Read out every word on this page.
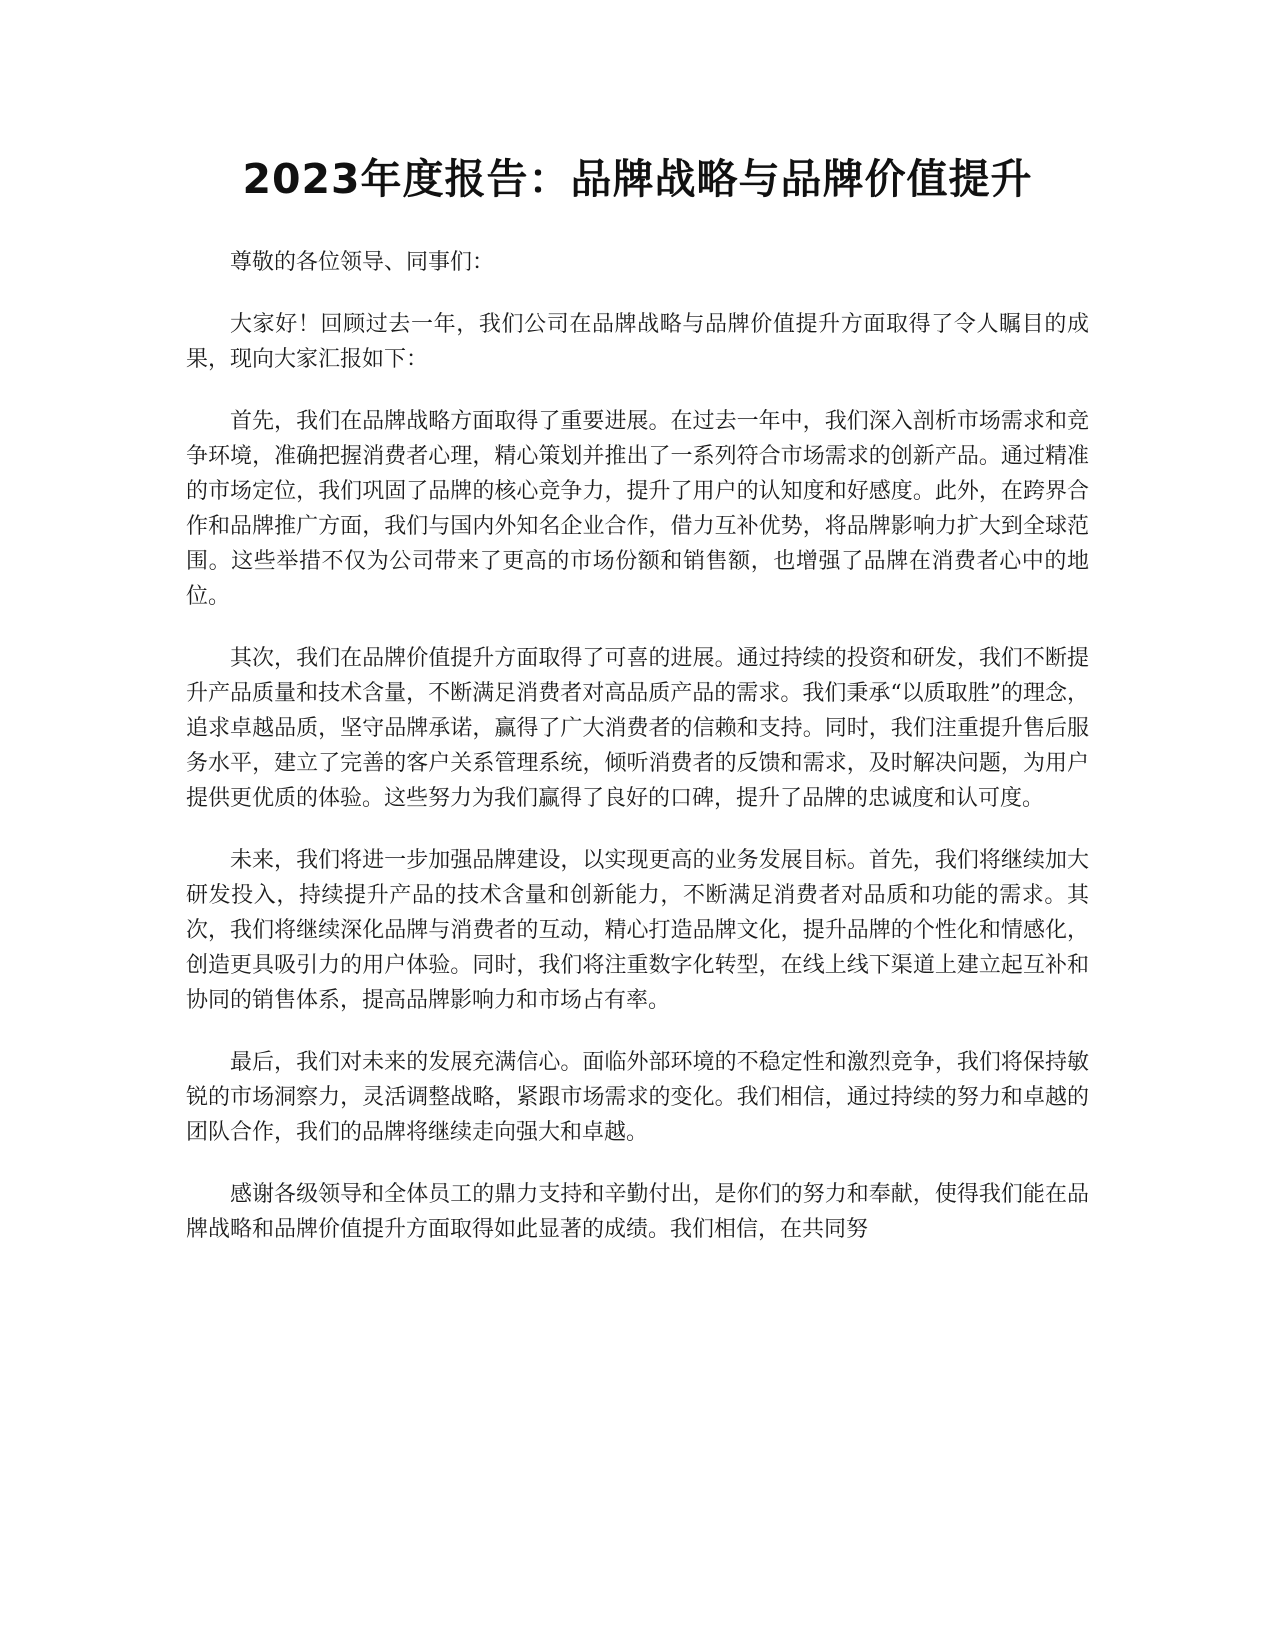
2023年度报告：品牌战略与品牌价值提升

尊敬的各位领导、同事们：

大家好！回顾过去一年，我们公司在品牌战略与品牌价值提升方面取得了令人瞩目的成果，现向大家汇报如下：

首先，我们在品牌战略方面取得了重要进展。在过去一年中，我们深入剖析市场需求和竞争环境，准确把握消费者心理，精心策划并推出了一系列符合市场需求的创新产品。通过精准的市场定位，我们巩固了品牌的核心竞争力，提升了用户的认知度和好感度。此外，在跨界合作和品牌推广方面，我们与国内外知名企业合作，借力互补优势，将品牌影响力扩大到全球范围。这些举措不仅为公司带来了更高的市场份额和销售额，也增强了品牌在消费者心中的地位。

其次，我们在品牌价值提升方面取得了可喜的进展。通过持续的投资和研发，我们不断提升产品质量和技术含量，不断满足消费者对高品质产品的需求。我们秉承“以质取胜”的理念，追求卓越品质，坚守品牌承诺，赢得了广大消费者的信赖和支持。同时，我们注重提升售后服务水平，建立了完善的客户关系管理系统，倾听消费者的反馈和需求，及时解决问题，为用户提供更优质的体验。这些努力为我们赢得了良好的口碑，提升了品牌的忠诚度和认可度。

未来，我们将进一步加强品牌建设，以实现更高的业务发展目标。首先，我们将继续加大研发投入，持续提升产品的技术含量和创新能力，不断满足消费者对品质和功能的需求。其次，我们将继续深化品牌与消费者的互动，精心打造品牌文化，提升品牌的个性化和情感化，创造更具吸引力的用户体验。同时，我们将注重数字化转型，在线上线下渠道上建立起互补和协同的销售体系，提高品牌影响力和市场占有率。

最后，我们对未来的发展充满信心。面临外部环境的不稳定性和激烈竞争，我们将保持敏锐的市场洞察力，灵活调整战略，紧跟市场需求的变化。我们相信，通过持续的努力和卓越的团队合作，我们的品牌将继续走向强大和卓越。

感谢各级领导和全体员工的鼎力支持和辛勤付出，是你们的努力和奉献，使得我们能在品牌战略和品牌价值提升方面取得如此显著的成绩。我们相信，在共同努
